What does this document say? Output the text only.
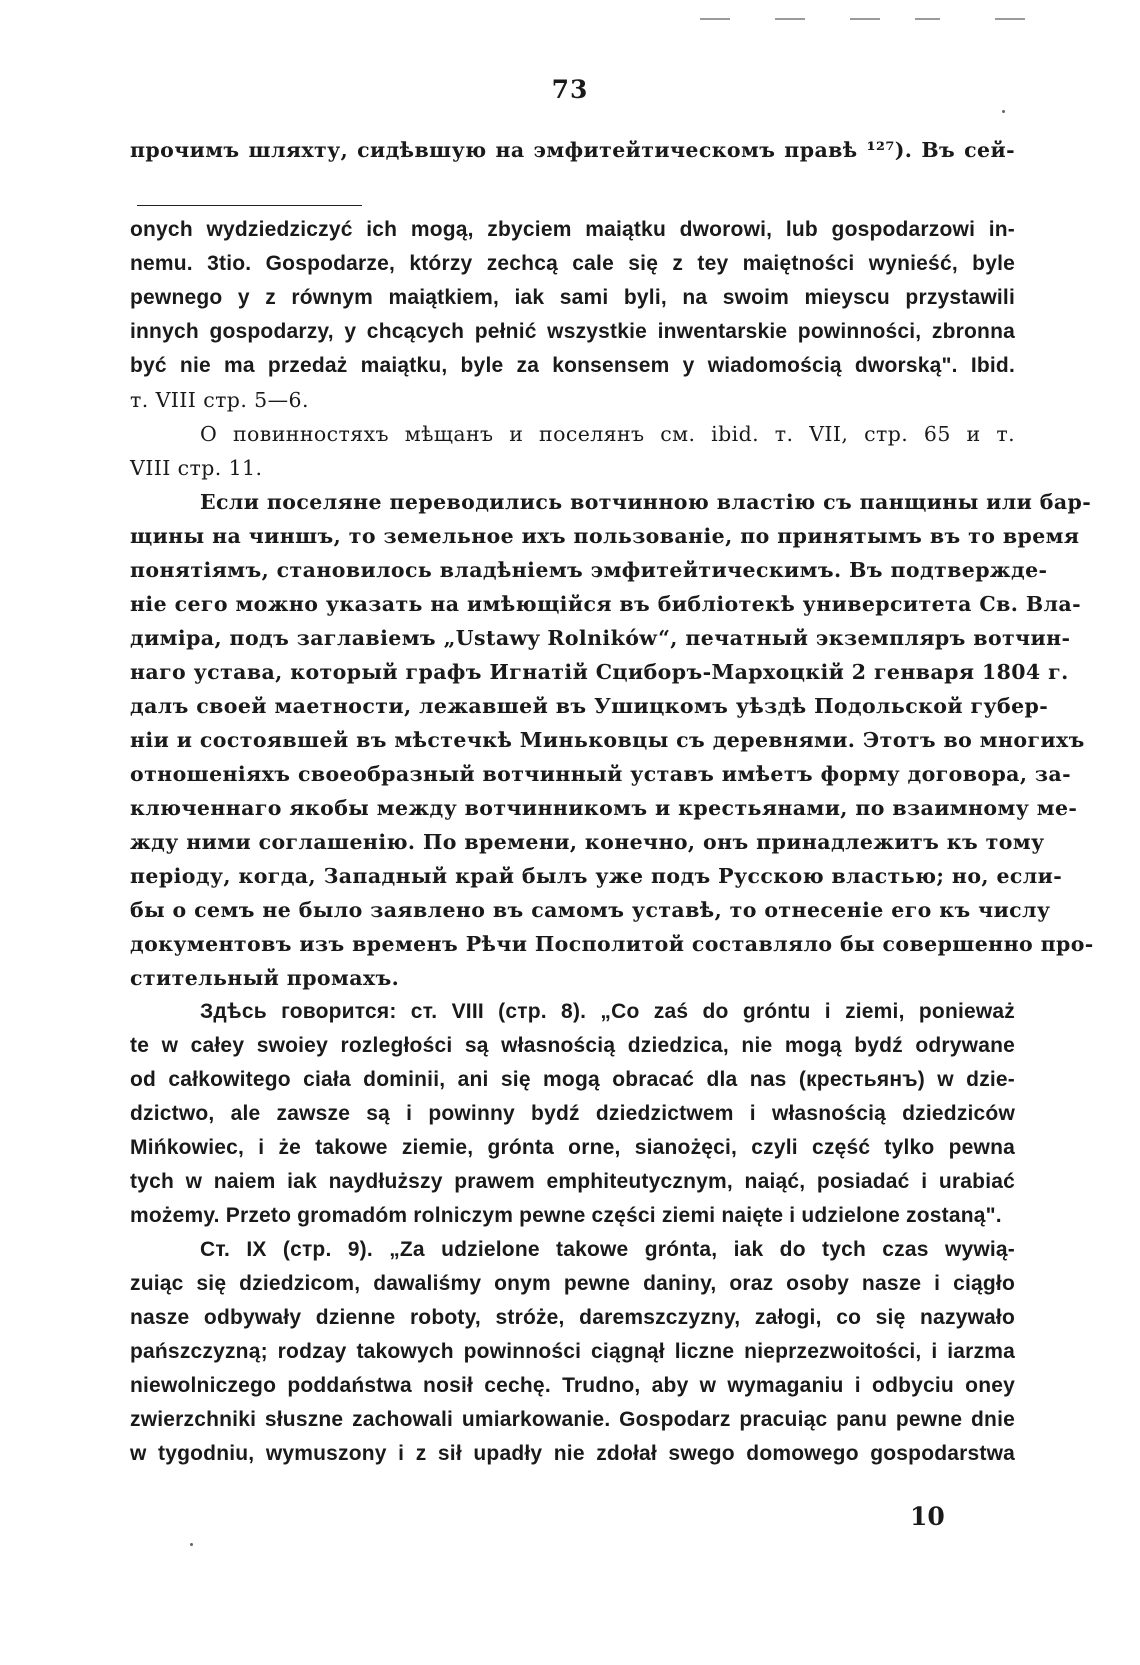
73
прочимъ шляхту, сидѣвшую на эмфитейтическомъ правѣ ¹²⁷). Въ сей-
onych wydziedziczyć ich mogą, zbyciem maiątku dworowi, lub gospodarzowi in-
nemu. 3tio. Gospodarze, którzy zechcą cale się z tey maiętności wynieść, byle
pewnego y z równym maiątkiem, iak sami byli, na swoim mieyscu przystawili
innych gospodarzy, y chcących pełnić wszystkie inwentarskie powinności, zbronna
być nie ma przedaż maiątku, byle za konsensem y wiadomością dworską". Ibid.
т. VIII стр. 5—6.
О повинностяхъ мѣщанъ и поселянъ см. ibid. т. VII, стр. 65 и т.
VIII стр. 11.
Если поселяне переводились вотчинною властію съ панщины или бар-
щины на чиншъ, то земельное ихъ пользованіе, по принятымъ въ то время
понятіямъ, становилось владѣніемъ эмфитейтическимъ. Въ подтвержде-
ніе сего можно указать на имѣющійся въ библіотекѣ университета Св. Вла-
диміра, подъ заглавіемъ „Ustawy Rolników“, печатный экземпляръ вотчин-
наго устава, который графъ Игнатій Сциборъ-Мархоцкій 2 генваря 1804 г.
далъ своей маетности, лежавшей въ Ушицкомъ уѣздѣ Подольской губер-
ніи и состоявшей въ мѣстечкѣ Миньковцы съ деревнями. Этотъ во многихъ
отношеніяхъ своеобразный вотчинный уставъ имѣетъ форму договора, за-
ключеннаго якобы между вотчинникомъ и крестьянами, по взаимному ме-
жду ними соглашенію. По времени, конечно, онъ принадлежитъ къ тому
періоду, когда, Западный край былъ уже подъ Русскою властью; но, если-
бы о семъ не было заявлено въ самомъ уставѣ, то отнесеніе его къ числу
документовъ изъ временъ Рѣчи Посполитой составляло бы совершенно про-
стительный промахъ.
Здѣсь говорится: ст. VIII (стр. 8). „Co zaś do gróntu i ziemi, ponieważ
te w całey swoiey rozległości są własnością dziedzica, nie mogą bydź odrywane
od całkowitego ciała dominii, ani się mogą obracać dla nas (крестьянъ) w dzie-
dzictwo, ale zawsze są i powinny bydź dziedzictwem i własnością dziedziców
Mińkowiec, i że takowe ziemie, grónta orne, sianożęci, czyli część tylko pewna
tych w naiem iak naydłuższy prawem emphiteutycznym, naiąć, posiadać i urabiać
możemy. Przeto gromadóm rolniczym pewne części ziemi naięte i udzielone zostaną".
Ст. IX (стр. 9). „Za udzielone takowe grónta, iak do tych czas wywią-
zuiąc się dziedzicom, dawaliśmy onym pewne daniny, oraz osoby nasze i ciągło
nasze odbywały dzienne roboty, stróże, daremszczyzny, załogi, co się nazywało
pańszczyzną; rodzay takowych powinności ciągnął liczne nieprzezwoitości, i iarzma
niewolniczego poddaństwa nosił cechę. Trudno, aby w wymaganiu i odbyciu oney
zwierzchniki słuszne zachowali umiarkowanie. Gospodarz pracuiąc panu pewne dnie
w tygodniu, wymuszony i z sił upadły nie zdołał swego domowego gospodarstwa
10
